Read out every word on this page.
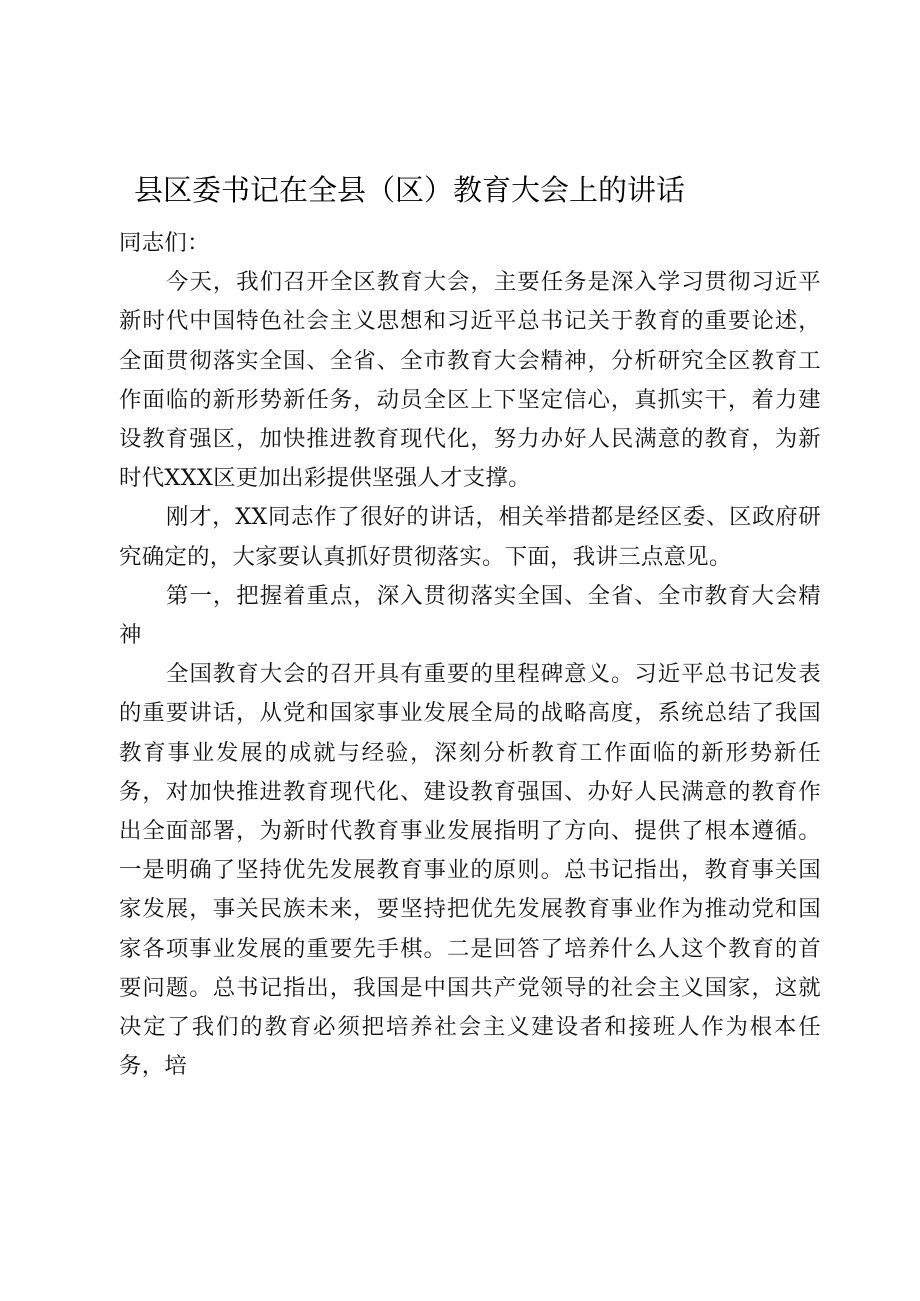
县区委书记在全县（区）教育大会上的讲话

同志们：

今天，我们召开全区教育大会，主要任务是深入学习贯彻习近平新时代中国特色社会主义思想和习近平总书记关于教育的重要论述，全面贯彻落实全国、全省、全市教育大会精神，分析研究全区教育工作面临的新形势新任务，动员全区上下坚定信心，真抓实干，着力建设教育强区，加快推进教育现代化，努力办好人民满意的教育，为新时代XXX区更加出彩提供坚强人才支撑。

刚才，XX同志作了很好的讲话，相关举措都是经区委、区政府研究确定的，大家要认真抓好贯彻落实。下面，我讲三点意见。

第一，把握着重点，深入贯彻落实全国、全省、全市教育大会精神

全国教育大会的召开具有重要的里程碑意义。习近平总书记发表的重要讲话，从党和国家事业发展全局的战略高度，系统总结了我国教育事业发展的成就与经验，深刻分析教育工作面临的新形势新任务，对加快推进教育现代化、建设教育强国、办好人民满意的教育作出全面部署，为新时代教育事业发展指明了方向、提供了根本遵循。一是明确了坚持优先发展教育事业的原则。总书记指出，教育事关国家发展，事关民族未来，要坚持把优先发展教育事业作为推动党和国家各项事业发展的重要先手棋。二是回答了培养什么人这个教育的首要问题。总书记指出，我国是中国共产党领导的社会主义国家，这就决定了我们的教育必须把培养社会主义建设者和接班人作为根本任务，培
